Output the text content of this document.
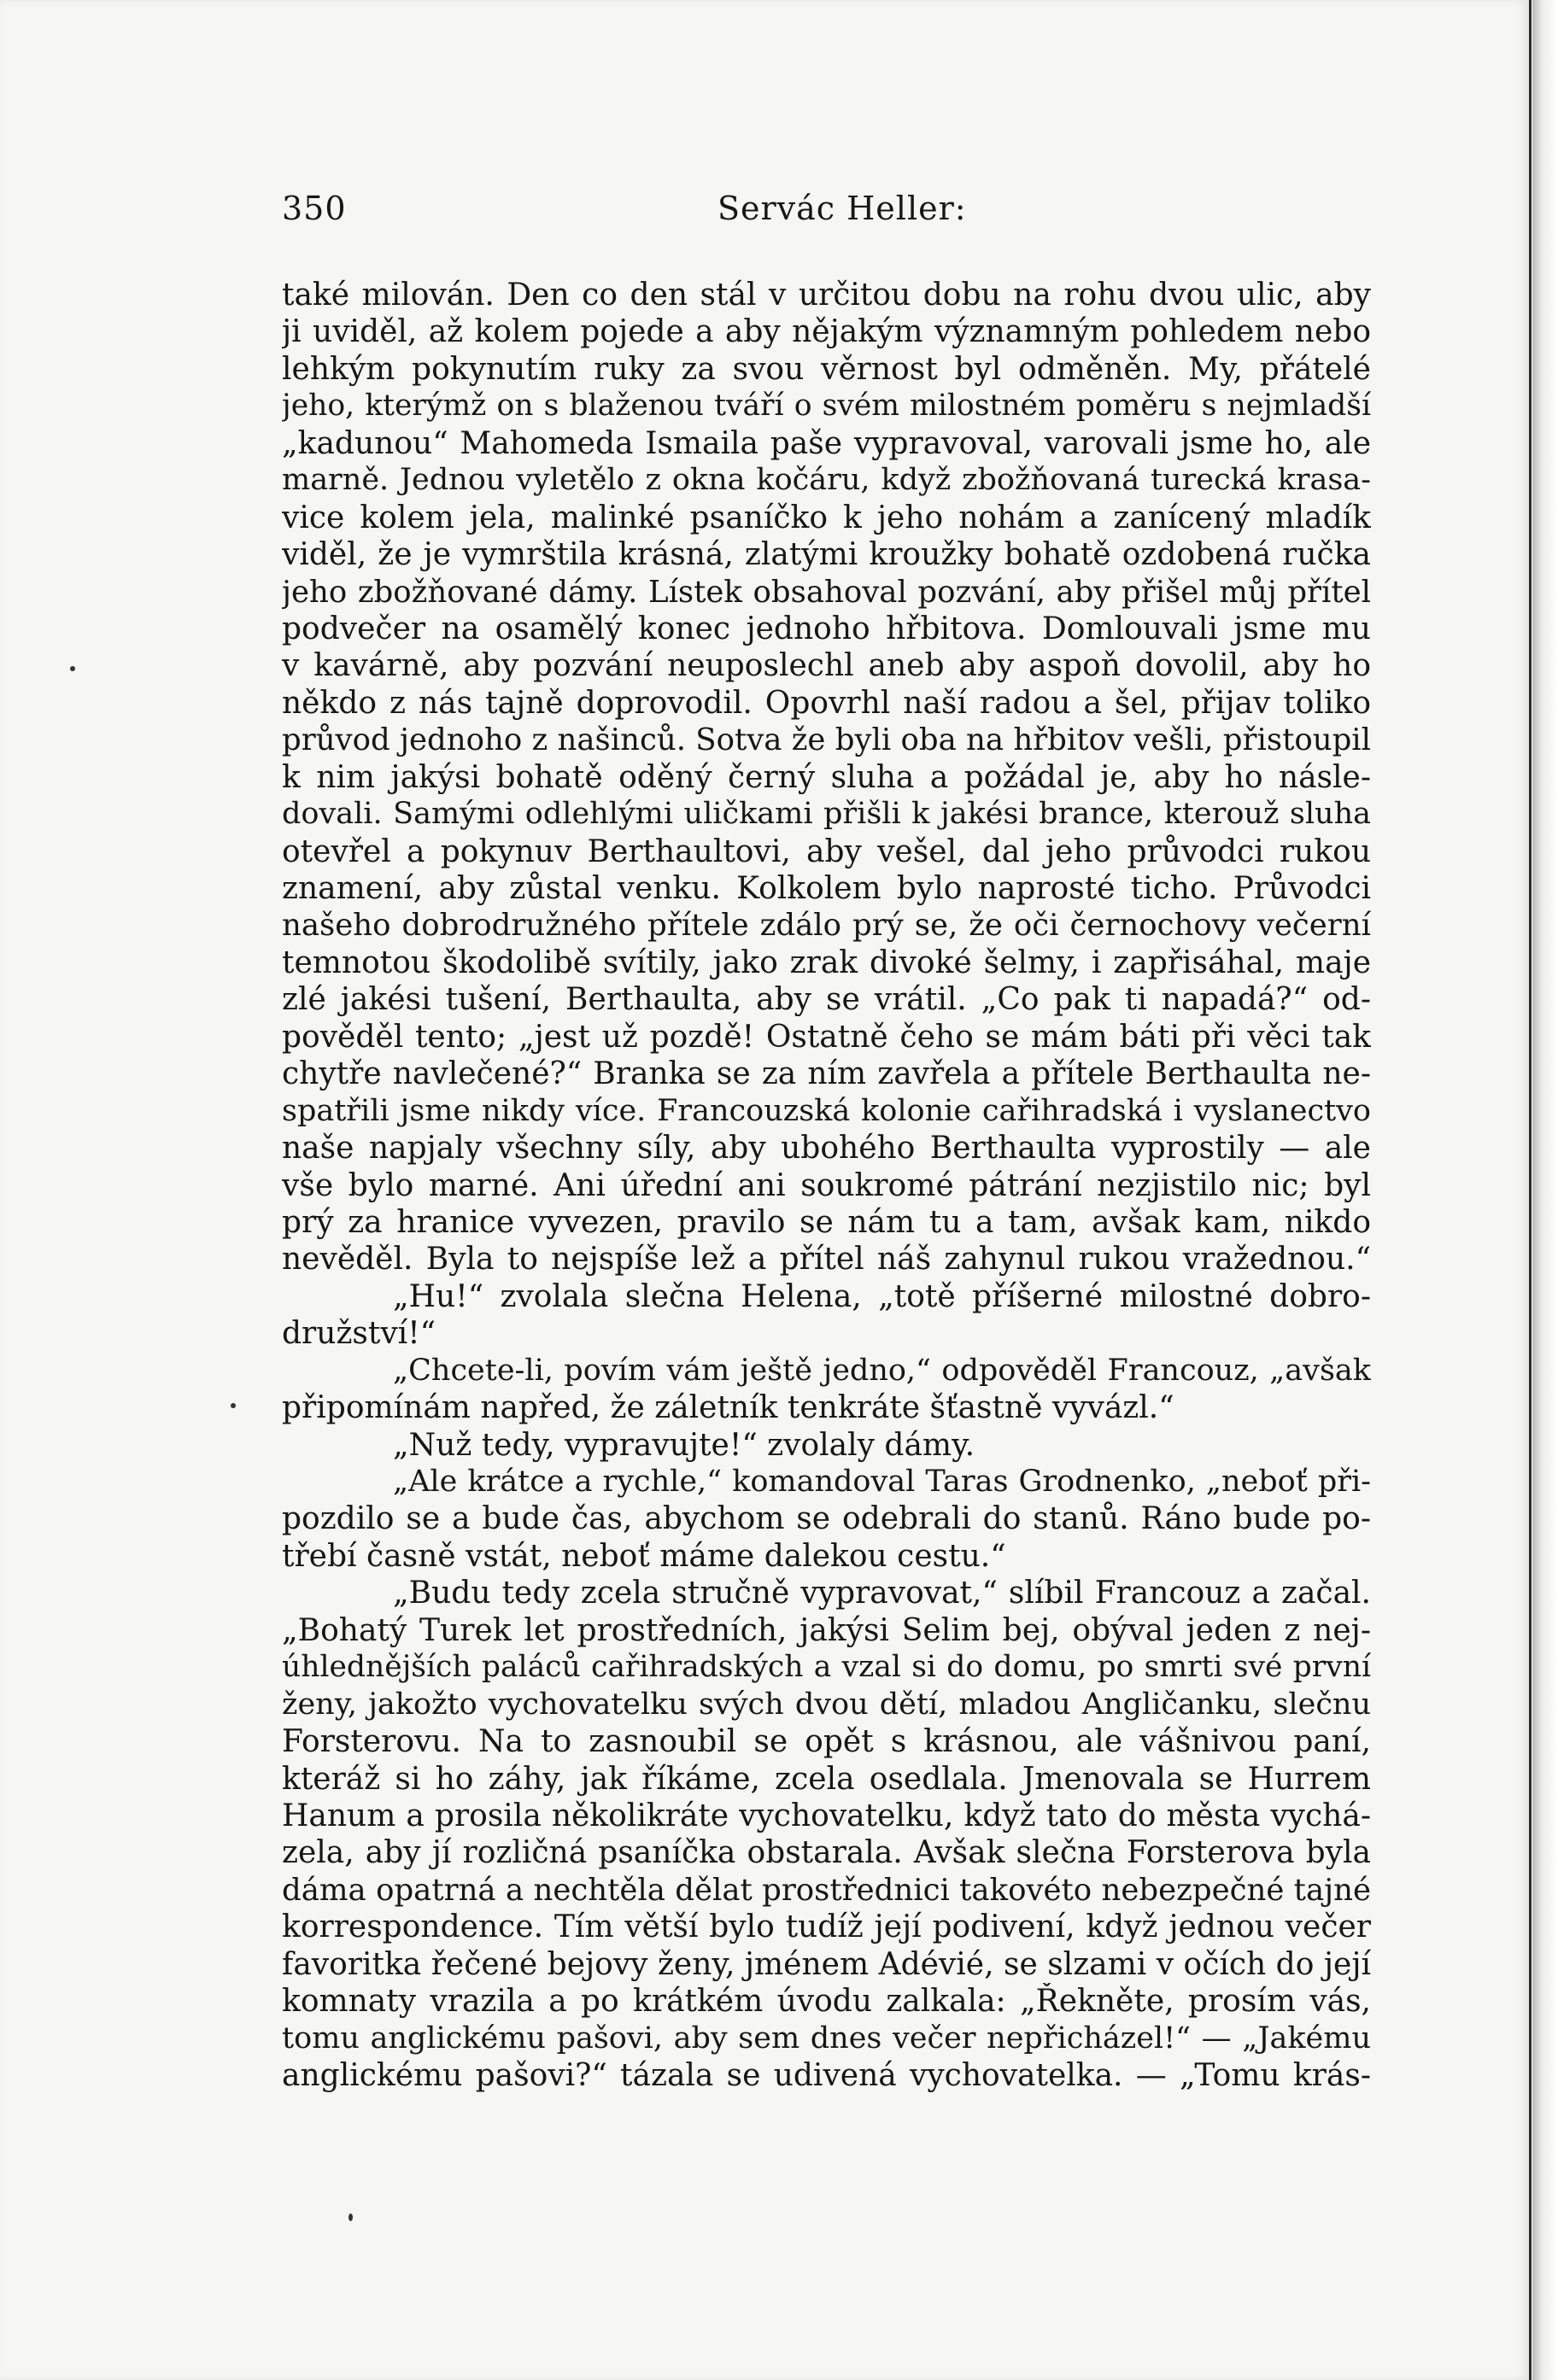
350	Servác Heller:
také milován. Den co den stál v určitou dobu na rohu dvou ulic, aby
ji uviděl, až kolem pojede a aby nějakým významným pohledem nebo
lehkým pokynutím ruky za svou věrnost byl odměněn. My, přátelé
jeho, kterýmž on s blaženou tváří o svém milostném poměru s nejmladší
„kadunou“ Mahomeda Ismaila paše vypravoval, varovali jsme ho, ale
marně. Jednou vyletělo z okna kočáru, když zbožňovaná turecká krasa-
vice kolem jela, malinké psaníčko k jeho nohám a zanícený mladík
viděl, že je vymrštila krásná, zlatými kroužky bohatě ozdobená ručka
jeho zbožňované dámy. Lístek obsahoval pozvání, aby přišel můj přítel
podvečer na osamělý konec jednoho hřbitova. Domlouvali jsme mu
v kavárně, aby pozvání neuposlechl aneb aby aspoň dovolil, aby ho
někdo z nás tajně doprovodil. Opovrhl naší radou a šel, přijav toliko
průvod jednoho z našinců. Sotva že byli oba na hřbitov vešli, přistoupil
k nim jakýsi bohatě oděný černý sluha a požádal je, aby ho násle-
dovali. Samými odlehlými uličkami přišli k jakési brance, kterouž sluha
otevřel a pokynuv Berthaultovi, aby vešel, dal jeho průvodci rukou
znamení, aby zůstal venku. Kolkolem bylo naprosté ticho. Průvodci
našeho dobrodružného přítele zdálo prý se, že oči černochovy večerní
temnotou škodolibě svítily, jako zrak divoké šelmy, i zapřisáhal, maje
zlé jakési tušení, Berthaulta, aby se vrátil. „Co pak ti napadá?“ od-
pověděl tento; „jest už pozdě! Ostatně čeho se mám báti při věci tak
chytře navlečené?“ Branka se za ním zavřela a přítele Berthaulta ne-
spatřili jsme nikdy více. Francouzská kolonie cařihradská i vyslanectvo
naše napjaly všechny síly, aby ubohého Berthaulta vyprostily — ale
vše bylo marné. Ani úřední ani soukromé pátrání nezjistilo nic; byl
prý za hranice vyvezen, pravilo se nám tu a tam, avšak kam, nikdo
nevěděl. Byla to nejspíše lež a přítel náš zahynul rukou vražednou.“
„Hu!“ zvolala slečna Helena, „totě příšerné milostné dobro-
družství!“
„Chcete-li, povím vám ještě jedno,“ odpověděl Francouz, „avšak
připomínám napřed, že záletník tenkráte šťastně vyvázl.“
„Nuž tedy, vypravujte!“ zvolaly dámy.
„Ale krátce a rychle,“ komandoval Taras Grodnenko, „neboť při-
pozdilo se a bude čas, abychom se odebrali do stanů. Ráno bude po-
třebí časně vstát, neboť máme dalekou cestu.“
„Budu tedy zcela stručně vypravovat,“ slíbil Francouz a začal.
„Bohatý Turek let prostředních, jakýsi Selim bej, obýval jeden z nej-
úhlednějších paláců cařihradských a vzal si do domu, po smrti své první
ženy, jakožto vychovatelku svých dvou dětí, mladou Angličanku, slečnu
Forsterovu. Na to zasnoubil se opět s krásnou, ale vášnivou paní,
kteráž si ho záhy, jak říkáme, zcela osedlala. Jmenovala se Hurrem
Hanum a prosila několikráte vychovatelku, když tato do města vychá-
zela, aby jí rozličná psaníčka obstarala. Avšak slečna Forsterova byla
dáma opatrná a nechtěla dělat prostřednici takovéto nebezpečné tajné
korrespondence. Tím větší bylo tudíž její podivení, když jednou večer
favoritka řečené bejovy ženy, jménem Adévié, se slzami v očích do její
komnaty vrazila a po krátkém úvodu zalkala: „Řekněte, prosím vás,
tomu anglickému pašovi, aby sem dnes večer nepřicházel!“ — „Jakému
anglickému pašovi?“ tázala se udivená vychovatelka. — „Tomu krás-
